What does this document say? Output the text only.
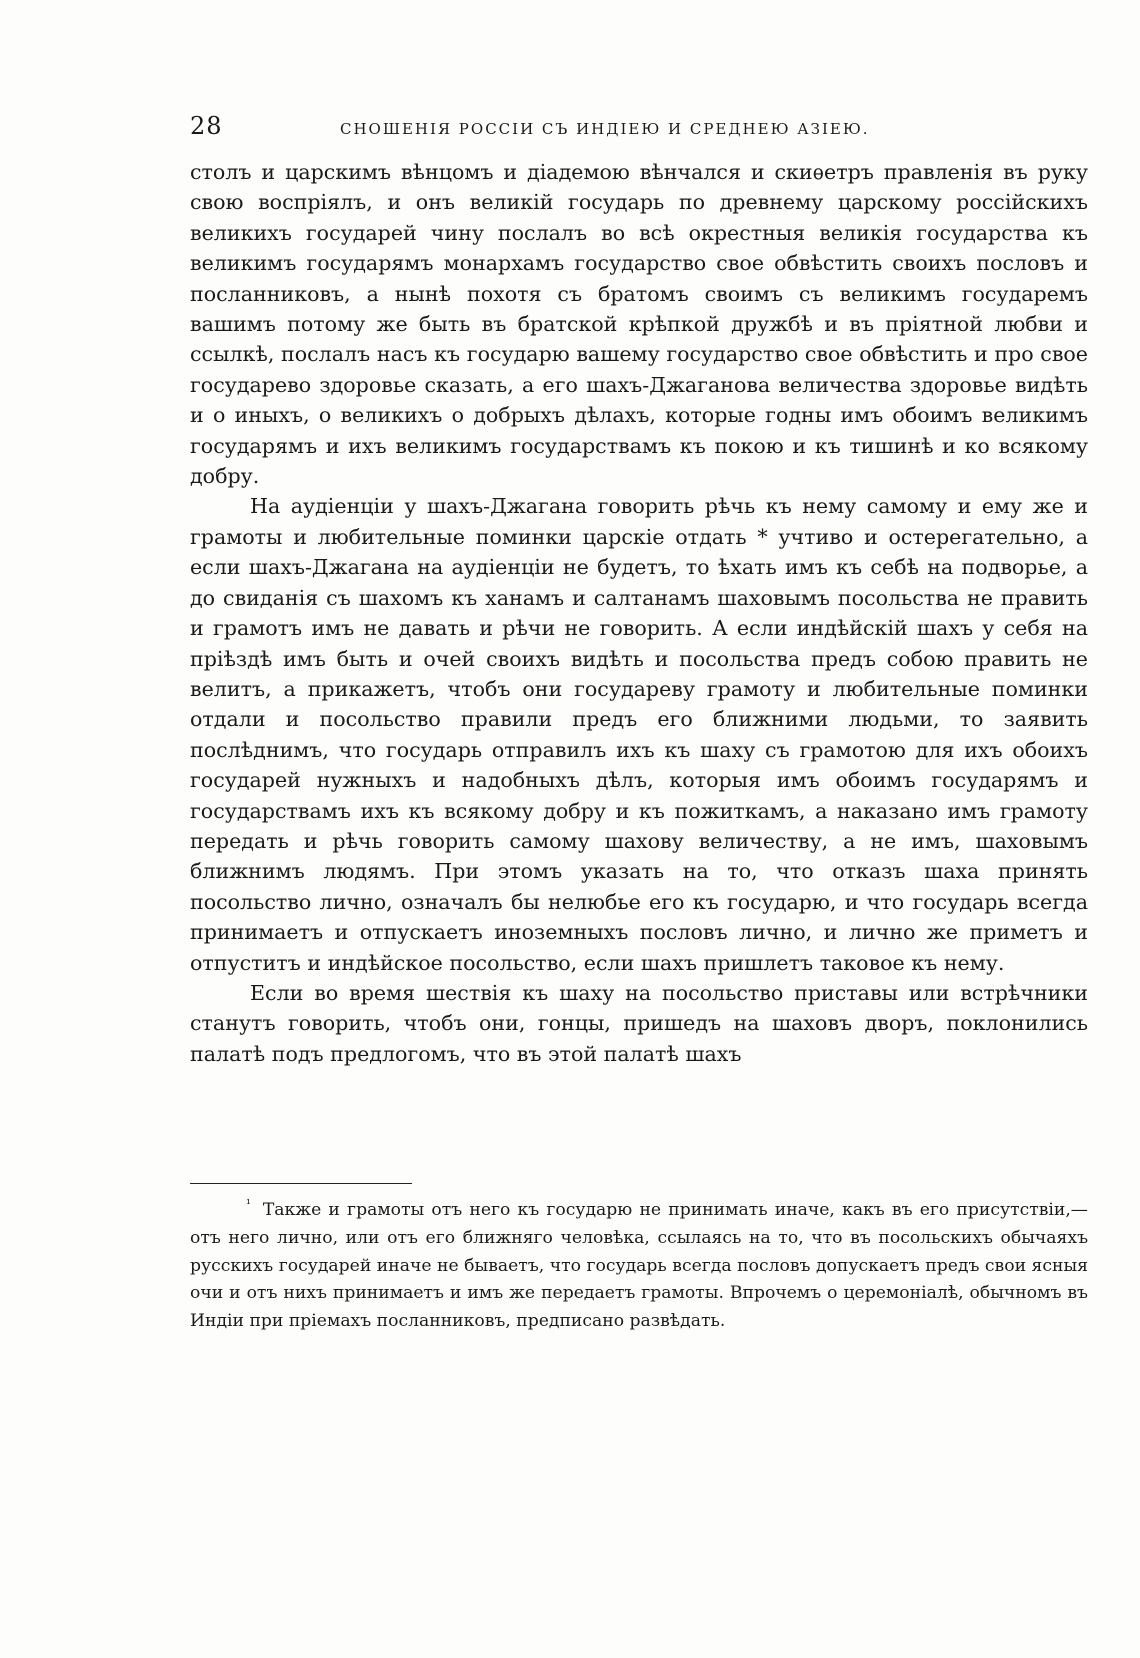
28	СНОШЕНІЯ РОССІИ СЪ ИНДІЕЮ И СРЕДНЕЮ АЗІЕЮ.

столъ и царскимъ вѣнцомъ и діадемою вѣнчался и скиѳетръ правленія въ руку свою воспріялъ, и онъ великій государь по древнему царскому россійскихъ великихъ государей чину послалъ во всѣ окрестныя великія государства къ великимъ государямъ монархамъ государство свое обвѣстить своихъ пословъ и посланниковъ, а нынѣ похотя съ братомъ своимъ съ великимъ государемъ вашимъ потому же быть въ братской крѣпкой дружбѣ и въ пріятной любви и ссылкѣ, послалъ насъ къ государю вашему государство свое обвѣстить и про свое государево здоровье сказать, а его шахъ-Джаганова величества здоровье видѣть и о иныхъ, о великихъ о добрыхъ дѣлахъ, которые годны имъ обоимъ великимъ государямъ и ихъ великимъ государствамъ къ покою и къ тишинѣ и ко всякому добру.

На аудіенціи у шахъ-Джагана говорить рѣчь къ нему самому и ему же и грамоты и любительные поминки царскіе отдать * учтиво и остерегательно, а если шахъ-Джагана на аудіенціи не будетъ, то ѣхать имъ къ себѣ на подворье, а до свиданія съ шахомъ къ ханамъ и салтанамъ шаховымъ посольства не править и грамотъ имъ не давать и рѣчи не говорить. А если индѣйскій шахъ у себя на пріѣздѣ имъ быть и очей своихъ видѣть и посольства предъ собою править не велитъ, а прикажетъ, чтобъ они государеву грамоту и любительные поминки отдали и посольство правили предъ его ближними людьми, то заявить послѣднимъ, что государь отправилъ ихъ къ шаху съ грамотою для ихъ обоихъ государей нужныхъ и надобныхъ дѣлъ, которыя имъ обоимъ государямъ и государствамъ ихъ къ всякому добру и къ пожиткамъ, а наказано имъ грамоту передать и рѣчь говорить самому шахову величеству, а не имъ, шаховымъ ближнимъ людямъ. При этомъ указать на то, что отказъ шаха принять посольство лично, означалъ бы нелюбье его къ государю, и что государь всегда принимаетъ и отпускаетъ иноземныхъ пословъ лично, и лично же приметъ и отпуститъ и индѣйское посольство, если шахъ пришлетъ таковое къ нему.

Если во время шествія къ шаху на посольство приставы или встрѣчники станутъ говорить, чтобъ они, гонцы, пришедъ на шаховъ дворъ, поклонились палатѣ подъ предлогомъ, что въ этой палатѣ шахъ

$^{^1}$ Также и грамоты отъ него къ государю не принимать иначе, какъ въ его присутствіи,—отъ него лично, или отъ его ближняго человѣка, ссылаясь на то, что въ посольскихъ обычаяхъ русскихъ государей иначе не бываетъ, что государь всегда пословъ допускаетъ предъ свои ясныя очи и отъ нихъ принимаетъ и имъ же передаетъ грамоты. Впрочемъ о церемоніалѣ, обычномъ въ Индіи при пріемахъ посланниковъ, предписано развѣдать.
